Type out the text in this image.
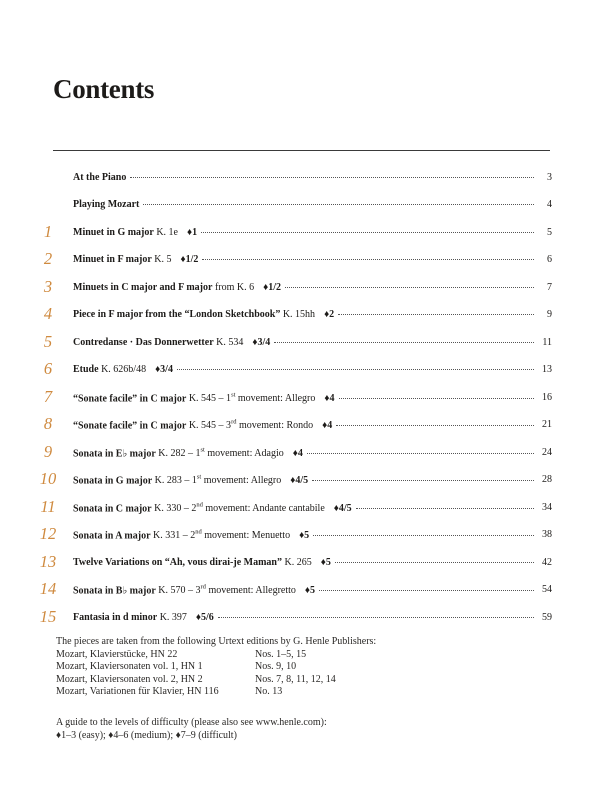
Contents
At the Piano	3
Playing Mozart	4
1	Minuet in G major K. 1e ♦1	5
2	Minuet in F major K. 5 ♦1/2	6
3	Minuets in C major and F major from K. 6 ♦1/2	7
4	Piece in F major from the “London Sketchbook” K. 15hh ♦2	9
5	Contredanse · Das Donnerwetter K. 534 ♦3/4	11
6	Etude K. 626b/48 ♦3/4	13
7	“Sonate facile” in C major K. 545 – 1st movement: Allegro ♦4	16
8	“Sonate facile” in C major K. 545 – 3rd movement: Rondo ♦4	21
9	Sonata in E♭ major K. 282 – 1st movement: Adagio ♦4	24
10	Sonata in G major K. 283 – 1st movement: Allegro ♦4/5	28
11	Sonata in C major K. 330 – 2nd movement: Andante cantabile ♦4/5	34
12	Sonata in A major K. 331 – 2nd movement: Menuetto ♦5	38
13	Twelve Variations on “Ah, vous dirai-je Maman” K. 265 ♦5	42
14	Sonata in B♭ major K. 570 – 3rd movement: Allegretto ♦5	54
15	Fantasia in d minor K. 397 ♦5/6	59
The pieces are taken from the following Urtext editions by G. Henle Publishers:
Mozart, Klavierstücke, HN 22	Nos. 1–5, 15
Mozart, Klaviersonaten vol. 1, HN 1	Nos. 9, 10
Mozart, Klaviersonaten vol. 2, HN 2	Nos. 7, 8, 11, 12, 14
Mozart, Variationen für Klavier, HN 116	No. 13
A guide to the levels of difficulty (please also see www.henle.com):
♦1–3 (easy); ♦4–6 (medium); ♦7–9 (difficult)
